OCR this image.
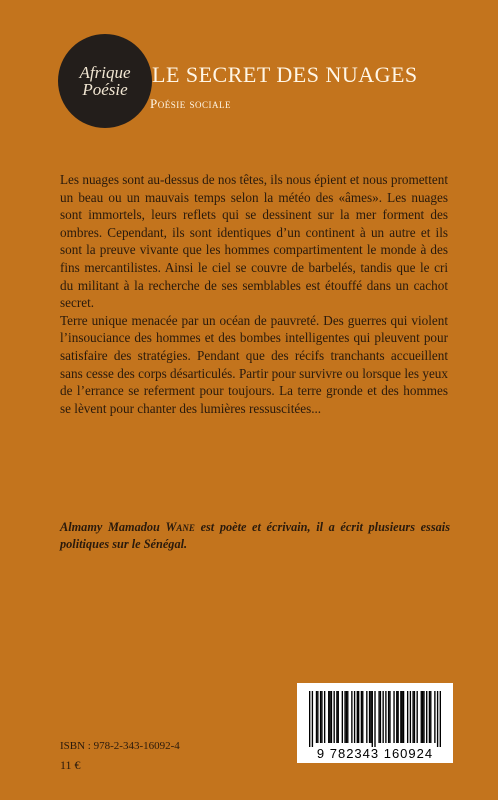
Afrique
Poésie
LE SECRET DES NUAGES
Poésie sociale

Les nuages sont au-dessus de nos têtes, ils nous épient et nous promettent un beau ou un mauvais temps selon la météo des «âmes». Les nuages sont immortels, leurs reflets qui se dessinent sur la mer forment des ombres. Cependant, ils sont identiques d’un continent à un autre et ils sont la preuve vivante que les hommes compartimentent le monde à des fins mercantilistes. Ainsi le ciel se couvre de barbelés, tandis que le cri du militant à la recherche de ses semblables est étouffé dans un cachot secret.

Terre unique menacée par un océan de pauvreté. Des guerres qui violent l’insouciance des hommes et des bombes intelligentes qui pleuvent pour satisfaire des stratégies. Pendant que des récifs tranchants accueillent sans cesse des corps désarticulés. Partir pour survivre ou lorsque les yeux de l’errance se referment pour toujours. La terre gronde et des hommes se lèvent pour chanter des lumières ressuscitées...

Almamy Mamadou Wane est poète et écrivain, il a écrit plusieurs essais politiques sur le Sénégal.
9 782343 160924
ISBN : 978-2-343-16092-4
11 €
